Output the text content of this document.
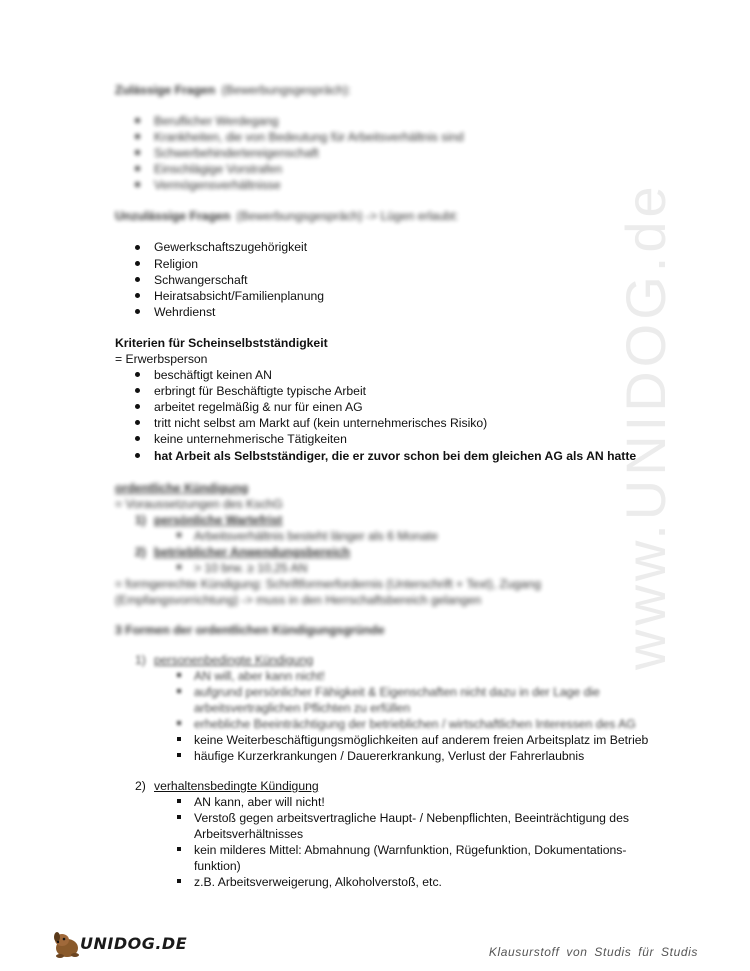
www.UNIDOG.de
Zulässige Fragen (Bewerbungsgespräch):
Beruflicher Werdegang
Krankheiten, die von Bedeutung für Arbeitsverhältnis sind
Schwerbehindertereigenschaft
Einschlägige Vorstrafen
Vermögensverhältnisse
Unzulässige Fragen (Bewerbungsgespräch) -> Lügen erlaubt:
Gewerkschaftszugehörigkeit
Religion
Schwangerschaft
Heiratsabsicht/Familienplanung
Wehrdienst
Kriterien für Scheinselbstständigkeit
= Erwerbsperson
beschäftigt keinen AN
erbringt für Beschäftigte typische Arbeit
arbeitet regelmäßig & nur für einen AG
tritt nicht selbst am Markt auf (kein unternehmerisches Risiko)
keine unternehmerische Tätigkeiten
hat Arbeit als Selbstständiger, die er zuvor schon bei dem gleichen AG als AN hatte
ordentliche Kündigung
= Voraussetzungen des KschG
1) persönliche Wartefrist
Arbeitsverhältnis besteht länger als 6 Monate
2) betrieblicher Anwendungsbereich
> 10 brw. ≥ 10,25 AN
= formgerechte Kündigung: Schriftformerfordernis (Unterschrift + Text), Zugang
(Empfangsvorrichtung) -> muss in den Herrschaftsbereich gelangen
3 Formen der ordentlichen Kündigungsgründe
1) personenbedingte Kündigung
AN will, aber kann nicht!
aufgrund persönlicher Fähigkeit & Eigenschaften nicht dazu in der Lage die
arbeitsvertraglichen Pflichten zu erfüllen
erhebliche Beeinträchtigung der betrieblichen / wirtschaftlichen Interessen des AG
keine Weiterbeschäftigungsmöglichkeiten auf anderem freien Arbeitsplatz im Betrieb
häufige Kurzerkrankungen / Dauererkrankung, Verlust der Fahrerlaubnis
2) verhaltensbedingte Kündigung
AN kann, aber will nicht!
Verstoß gegen arbeitsvertragliche Haupt- / Nebenpflichten, Beeinträchtigung des
Arbeitsverhältnisses
kein milderes Mittel: Abmahnung (Warnfunktion, Rügefunktion, Dokumentations-
funktion)
z.B. Arbeitsverweigerung, Alkoholverstoß, etc.
UNIDOG.DE	Klausurstoff von Studis für Studis
